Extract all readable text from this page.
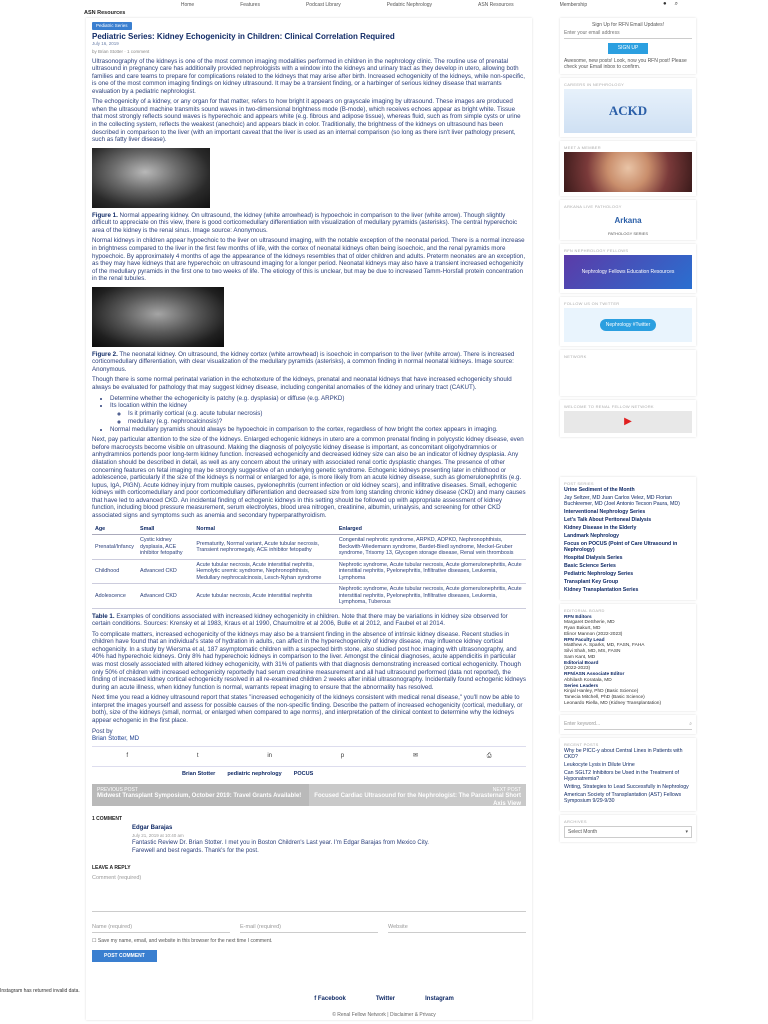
Home	Features	Podcast Library	Pedatric Nephrology	ASN Resources	Membership	● ⌕
ASN Resources
Pediatric Series
Pediatric Series: Kidney Echogenicity in Children: Clinical Correlation Required
July 16, 2019
by Brian Stotter · 1 comment

Ultrasonography of the kidneys is one of the most common imaging modalities performed in children in the nephrology clinic. The routine use of prenatal ultrasound in pregnancy care has additionally provided nephrologists with a window into the kidneys and urinary tract as they develop in utero, allowing both families and care teams to prepare for complications related to the kidneys that may arise after birth. Increased echogenicity of the kidneys, while non-specific, is one of the most common imaging findings on kidney ultrasound. It may be a transient finding, or a harbinger of serious kidney disease that warrants evaluation by a pediatric nephrologist.

The echogenicity of a kidney, or any organ for that matter, refers to how bright it appears on grayscale imaging by ultrasound. These images are produced when the ultrasound machine transmits sound waves in two-dimensional brightness mode (B-mode), which receives echoes appear as bright white. Tissue that most strongly reflects sound waves is hyperechoic and appears white (e.g. fibrous and adipose tissue), whereas fluid, such as from simple cysts or urine in the collecting system, reflects the weakest (anechoic) and appears black in color. Traditionally, the brightness of the kidneys on ultrasound has been described in comparison to the liver (with an important caveat that the liver is used as an internal comparison (so long as there isn't liver pathology present, such as fatty liver disease).

Figure 1. Normal appearing kidney. On ultrasound, the kidney (white arrowhead) is hypoechoic in comparison to the liver (white arrow). Though slightly difficult to appreciate on this view, there is good corticomedullary differentiation with visualization of medullary pyramids (asterisks). The central hyperechoic area of the kidney is the renal sinus. Image source: Anonymous.

Normal kidneys in children appear hypoechoic to the liver on ultrasound imaging, with the notable exception of the neonatal period. There is a normal increase in brightness compared to the liver in the first few months of life, with the cortex of neonatal kidneys often being isoechoic, and the renal pyramids more hypoechoic. By approximately 4 months of age the appearance of the kidneys resembles that of older children and adults. Preterm neonates are an exception, as they may have kidneys that are hyperechoic on ultrasound imaging for a longer period. Neonatal kidneys may also have a transient increased echogenicity of the medullary pyramids in the first one to two weeks of life. The etiology of this is unclear, but may be due to increased Tamm-Horsfall protein concentration in the renal tubules.

Figure 2. The neonatal kidney. On ultrasound, the kidney cortex (white arrowhead) is isoechoic in comparison to the liver (white arrow). There is increased corticomedullary differentiation, with clear visualization of the medullary pyramids (asterisks), a common finding in normal neonatal kidneys. Image source: Anonymous.

Though there is some normal perinatal variation in the echotexture of the kidneys, prenatal and neonatal kidneys that have increased echogenicity should always be evaluated for pathology that may suggest kidney disease, including congenital anomalies of the kidney and urinary tract (CAKUT).

• Determine whether the echogenicity is patchy (e.g. dysplasia) or diffuse (e.g. ARPKD)
• Its location within the kidney
◦ Is it primarily cortical (e.g. acute tubular necrosis)
◦ medullary (e.g. nephrocalcinosis)?
• Normal medullary pyramids should always be hypoechoic in comparison to the cortex, regardless of how bright the cortex appears in imaging.

Next, pay particular attention to the size of the kidneys. Enlarged echogenic kidneys in utero are a common prenatal finding in polycystic kidney disease, even before macrocysts become visible on ultrasound. Making the diagnosis of polycystic kidney disease is important, as concomitant oligohydramnios or anhydramnios portends poor long-term kidney function. Increased echogenicity and decreased kidney size can also be an indicator of kidney dysplasia. Any dilatation should be described in detail, as well as any concern about the urinary with associated renal cortic dysplastic changes. The presence of other concerning features on fetal imaging may be strongly suggestive of an underlying genetic syndrome. Echogenic kidneys presenting later in childhood or adolescence, particularly if the size of the kidneys is normal or enlarged for age, is more likely from an acute kidney disease, such as glomerulonephritis (e.g. lupus, IgA, PIGN). Acute kidney injury from multiple causes, pyelonephritis (current infection or old kidney scars), and infiltrative diseases. Small, echogenic kidneys with corticomedullary and poor corticomedullary differentiation and decreased size from long standing chronic kidney disease (CKD) and many causes that have led to advanced CKD. An incidental finding of echogenic kidneys in this setting should be followed up with appropriate assessment of kidney function, including blood pressure measurement, serum electrolytes, blood urea nitrogen, creatinine, albumin, urinalysis, and screening for other CKD associated signs and symptoms such as anemia and secondary hyperparathyroidism.

Age	Small	Normal	Enlarged
Prenatal/Infancy	Cystic kidney dysplasia, ACE inhibitor fetopathy	Prematurity, Normal variant, Acute tubular necrosis, Transient nephromegaly, ACE inhibitor fetopathy	Congenital nephrotic syndrome, ARPKD, ADPKD, Nephronophthisis, Beckwith-Wiedemann syndrome, Bardet-Biedl syndrome, Meckel-Gruber syndrome, Trisomy 13, Glycogen storage disease, Renal vein thrombosis
Childhood	Advanced CKD	Acute tubular necrosis, Acute interstitial nephritis, Hemolytic uremic syndrome, Nephronophthisis, Medullary nephrocalcinosis, Lesch-Nyhan syndrome	Nephrotic syndrome, Acute tubular necrosis, Acute glomerulonephritis, Acute interstitial nephritis, Pyelonephritis, Infiltrative diseases, Leukemia, Lymphoma
Adolescence	Advanced CKD	Acute tubular necrosis, Acute interstitial nephritis	Nephrotic syndrome, Acute tubular necrosis, Acute glomerulonephritis, Acute interstitial nephritis, Pyelonephritis, Infiltrative diseases, Leukemia, Lymphoma, Tuberous

Table 1. Examples of conditions associated with increased kidney echogenicity in children. Note that there may be variations in kidney size observed for certain conditions. Sources: Krensky et al 1983, Kraus et al 1990, Chaumoitre et al 2006, Bulle et al 2012, and Faubel et al 2014.

To complicate matters, increased echogenicity of the kidneys may also be a transient finding in the absence of intrinsic kidney disease. Recent studies in children have found that an individual's state of hydration in adults, can affect in the hyperechogenicity of kidney disease, may influence kidney cortical echogenicity. In a study by Wiersma et al, 187 asymptomatic children with a suspected birth stone, also studied post hoc imaging with ultrasonography, and 40% had hyperechoic kidneys. Only 8% had hyperechoic kidneys in comparison to the liver. Amongst the clinical diagnoses, acute appendicitis in particular was most closely associated with altered kidney echogenicity, with 31% of patients with that diagnosis demonstrating increased cortical echogenicity. Though only 50% of children with increased echogenicity reportedly had serum creatinine measurement and all had ultrasound performed (data not reported), the finding of increased kidney cortical echogenicity resolved in all re-examined children 2 weeks after initial ultrasonography. Incidentally found echogenic kidneys during an acute illness, when kidney function is normal, warrants repeat imaging to ensure that the abnormality has resolved.

Next time you read a kidney ultrasound report that states "increased echogenicity of the kidneys consistent with medical renal disease," you'll now be able to interpret the images yourself and assess for possible causes of the non-specific finding. Describe the pattern of increased echogenicity (cortical, medullary, or both), size of the kidneys (small, normal, or enlarged when compared to age norms), and interpretation of the clinical context to determine why the kidneys appear echogenic in the first place.

Post by
Brian Stotter, MD
f	t	in	p	✉	⎙
Brian Stotter pediatric nephrology POCUS
PREVIOUS POST
Midwest Transplant Symposium, October 2019: Travel Grants Available!
NEXT POST
Focused Cardiac Ultrasound for the Nephrologist: The Parasternal Short Axis View
1 COMMENT
Edgar Barajas
July 21, 2019 at 10:40 am

Fantastic Review Dr. Brian Stotter. I met you in Boston Children's Last year. I'm Edgar Barajas from Mexico City.

Farewell and best regards. Thank's for the post.

LEAVE A REPLY
Comment (required)
Name (required)	E-mail (required)	Website
☐ Save my name, email, and website in this browser for the next time I comment.
POST COMMENT
Sign Up for RFN Email Updates!
Enter your email address
SIGN UP
Awesome, new posts! Look, now you RFN post! Please check your Email inbox to confirm.
CAREERS IN NEPHROLOGY
ACKD
MEET A MEMBER
ARKANA LIVE PATHOLOGY
Arkana
PATHOLOGY SERIES
RFN NEPHROLOGY FELLOWS
Nephrology Fellows Education Resources
FOLLOW US ON TWITTER
Nephrology #Twitter
NETWORK
WELCOME TO RENAL FELLOW NETWORK
▶
POST SERIES
Urine Sediment of the Month
Jay Seltzer, MD Juan Carlos Velez, MD Florian Buchkremer, MD (Joel Antonio Tecson Paura, MD)
Interventional Nephrology Series
Let's Talk About Peritoneal Dialysis
Kidney Disease in the Elderly
Landmark Nephrology
Focus on POCUS (Point of Care Ultrasound in Nephrology)
Hospital Dialysis Series
Basic Science Series
Pediatric Nephrology Series
Transplant Key Group
Kidney Transplantation Series
EDITORIAL BOARD

RFN Editors

Margaret DeSherie, MD

Ryan Bakurt, MD

Elinor Mannon (2022-2023)

RFN Faculty Lead

Matthew A. Sparks, MD, FASN, FAHA

Silvi Shah, MD, MS, FASN

Sam Kant, MD

Editorial Board

(2022-2023)

RFN/ASN Associate Editor

Abhilash Koratala, MD

Series Leaders

Kinjal Hanley, PhD (Basic Science)

Tanecia Mitchell, PhD (Basic Science)

Leonardo Riella, MD (Kidney Transplantation)

Enter keyword...	⌕
RECENT POSTS

Why be PICC-y about Central Lines in Patients with CKD?

Leukocyte Lysis in Dilute Urine

Can SGLT2 Inhibitors be Used in the Treatment of Hyponatremia?

Writing, Strategies to Lead Successfully in Nephrology

American Society of Transplantation (AST) Fellows Symposium 9/29-9/30

ARCHIVES
Select Month	▾
Instagram has returned invalid data.
f Facebook	Twitter	Instagram
© Renal Fellow Network | Disclaimer & Privacy
